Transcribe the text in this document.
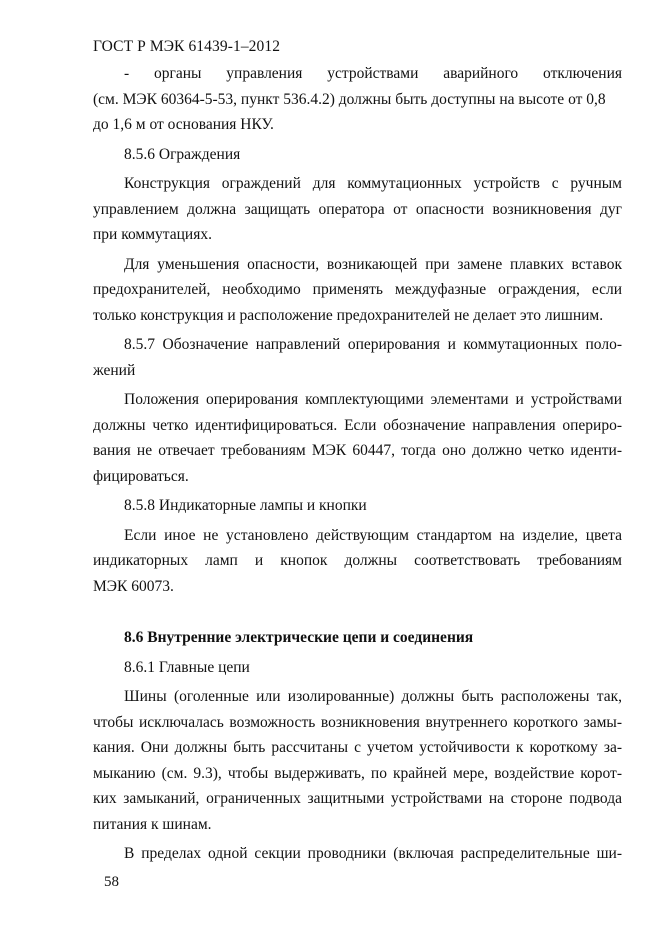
ГОСТ Р МЭК 61439-1–2012
- органы управления устройствами аварийного отключения
(см. МЭК 60364-5-53, пункт 536.4.2) должны быть доступны на высоте от 0,8
до 1,6 м от основания НКУ.
8.5.6 Ограждения
Конструкция ограждений для коммутационных устройств с ручным
управлением должна защищать оператора от опасности возникновения дуг
при коммутациях.
Для уменьшения опасности, возникающей при замене плавких вставок
предохранителей, необходимо применять междуфазные ограждения, если
только конструкция и расположение предохранителей не делает это лишним.
8.5.7 Обозначение направлений оперирования и коммутационных поло-
жений
Положения оперирования комплектующими элементами и устройствами
должны четко идентифицироваться. Если обозначение направления опериро-
вания не отвечает требованиям МЭК 60447, тогда оно должно четко иденти-
фицироваться.
8.5.8 Индикаторные лампы и кнопки
Если иное не установлено действующим стандартом на изделие, цвета
индикаторных ламп и кнопок должны соответствовать требованиям
МЭК 60073.
8.6 Внутренние электрические цепи и соединения
8.6.1 Главные цепи
Шины (оголенные или изолированные) должны быть расположены так,
чтобы исключалась возможность возникновения внутреннего короткого замы-
кания. Они должны быть рассчитаны с учетом устойчивости к короткому за-
мыканию (см. 9.3), чтобы выдерживать, по крайней мере, воздействие корот-
ких замыканий, ограниченных защитными устройствами на стороне подвода
питания к шинам.
В пределах одной секции проводники (включая распределительные ши-
58
